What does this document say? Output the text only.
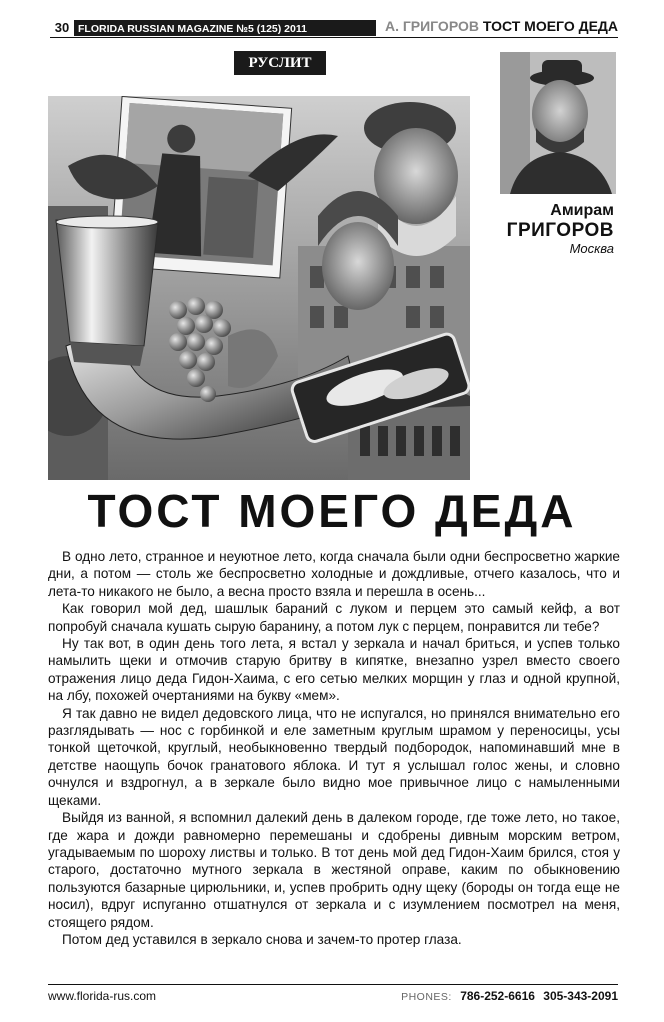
30 FLORIDA RUSSIAN MAGAZINE №5 (125) 2011	А. ГРИГОРОВ ТОСТ МОЕГО ДЕДА
РУСЛИТ
Амирам
ГРИГОРОВ
Москва
ТОСТ МОЕГО ДЕДА

В одно лето, странное и неуютное лето, когда сначала были одни беспросветно жаркие дни, а потом — столь же беспросветно холодные и дождливые, отчего казалось, что и лета-то никакого не было, а весна просто взяла и перешла в осень...

Как говорил мой дед, шашлык бараний с луком и перцем это самый кейф, а вот попробуй сначала кушать сырую баранину, а потом лук с перцем, понравится ли тебе?

Ну так вот, в один день того лета, я встал у зеркала и начал бриться, и успев только намылить щеки и отмочив старую бритву в кипятке, внезапно узрел вместо своего отражения лицо деда Гидон-Хаима, с его сетью мелких морщин у глаз и одной крупной, на лбу, похожей очертаниями на букву «мем».

Я так давно не видел дедовского лица, что не испугался, но принялся внимательно его разглядывать — нос с горбинкой и еле заметным круглым шрамом у переносицы, усы тонкой щеточкой, круглый, необыкновенно твердый подбородок, напоминавший мне в детстве наощупь бочок гранатового яблока. И тут я услышал голос жены, и словно очнулся и вздрогнул, а в зеркале было видно мое привычное лицо с намыленными щеками.

Выйдя из ванной, я вспомнил далекий день в далеком городе, где тоже лето, но такое, где жара и дожди равномерно перемешаны и сдобрены дивным морским ветром, угадываемым по шороху листвы и только. В тот день мой дед Гидон-Хаим брился, стоя у старого, достаточно мутного зеркала в жестяной оправе, каким по обыкновению пользуются базарные цирюльники, и, успев пробрить одну щеку (бороды он тогда еще не носил), вдруг испуганно отшатнулся от зеркала и с изумлением посмотрел на меня, стоящего рядом.

Потом дед уставился в зеркало снова и зачем-то протер глаза.

www.florida-rus.com	PHONES: 786-252-6616 305-343-2091
